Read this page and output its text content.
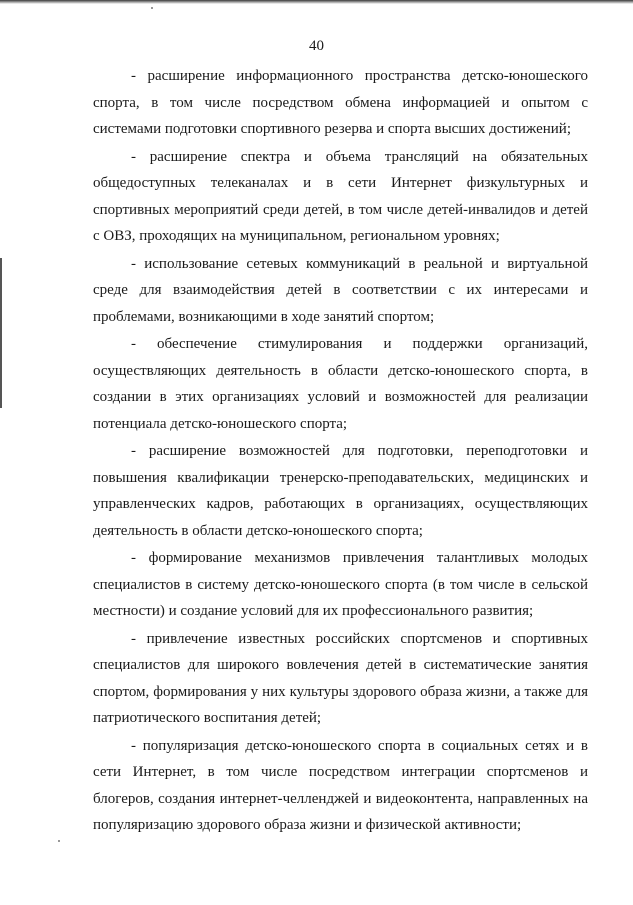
40

- расширение информационного пространства детско-юношеского спорта, в том числе посредством обмена информацией и опытом с системами подготовки спортивного резерва и спорта высших достижений;

- расширение спектра и объема трансляций на обязательных общедоступных телеканалах и в сети Интернет физкультурных и спортивных мероприятий среди детей, в том числе детей-инвалидов и детей с ОВЗ, проходящих на муниципальном, региональном уровнях;

- использование сетевых коммуникаций в реальной и виртуальной среде для взаимодействия детей в соответствии с их интересами и проблемами, возникающими в ходе занятий спортом;

- обеспечение стимулирования и поддержки организаций, осуществляющих деятельность в области детско-юношеского спорта, в создании в этих организациях условий и возможностей для реализации потенциала детско-юношеского спорта;

- расширение возможностей для подготовки, переподготовки и повышения квалификации тренерско-преподавательских, медицинских и управленческих кадров, работающих в организациях, осуществляющих деятельность в области детско-юношеского спорта;

- формирование механизмов привлечения талантливых молодых специалистов в систему детско-юношеского спорта (в том числе в сельской местности) и создание условий для их профессионального развития;

- привлечение известных российских спортсменов и спортивных специалистов для широкого вовлечения детей в систематические занятия спортом, формирования у них культуры здорового образа жизни, а также для патриотического воспитания детей;

- популяризация детско-юношеского спорта в социальных сетях и в сети Интернет, в том числе посредством интеграции спортсменов и блогеров, создания интернет-челленджей и видеоконтента, направленных на популяризацию здорового образа жизни и физической активности;
